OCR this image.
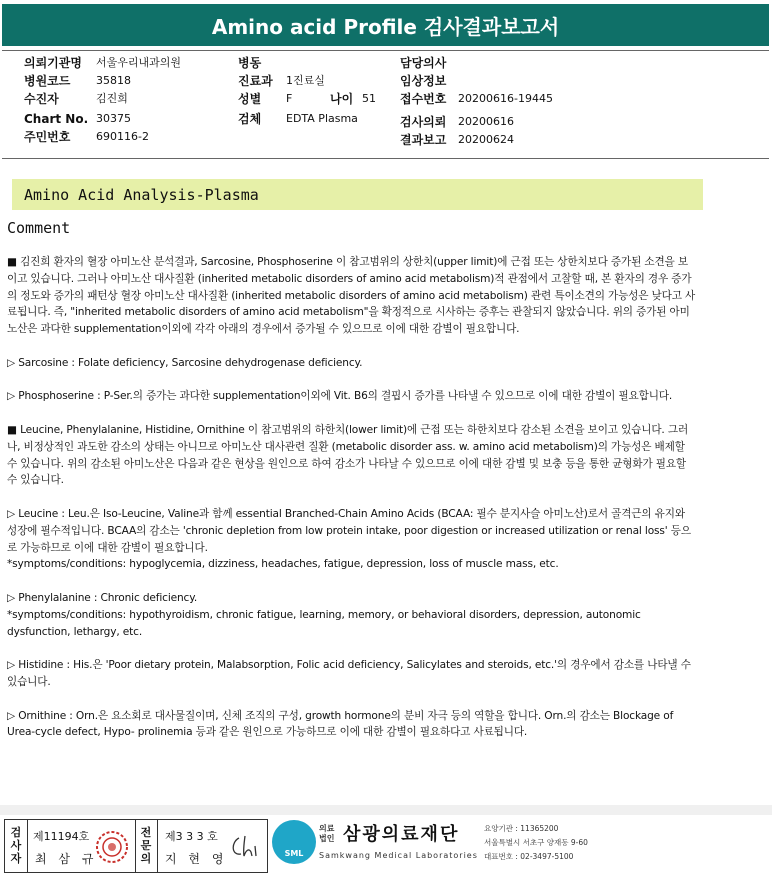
Amino acid Profile 검사결과보고서
의뢰기관명 서울우리내과의원
병원코드 35818
수진자	김진희
Chart No. 30375
주민번호 690116-2
병동
진료과 1진료실
성별 F	나이 51
검체 EDTA Plasma
담당의사
임상정보
접수번호 20200616-19445
검사의뢰 20200616
결과보고 20200624
Amino Acid Analysis-Plasma
Comment

■ 김진희 환자의 혈장 아미노산 분석결과, Sarcosine, Phosphoserine 이 참고범위의 상한치(upper limit)에 근접 또는 상한치보다 증가된 소견을 보이고 있습니다. 그러나 아미노산 대사질환 (inherited metabolic disorders of amino acid metabolism)적 관점에서 고찰할 때, 본 환자의 경우 증가의 정도와 증가의 패턴상 혈장 아미노산 대사질환 (inherited metabolic disorders of amino acid metabolism) 관련 특이소견의 가능성은 낮다고 사료됩니다. 즉, "inherited metabolic disorders of amino acid metabolism"을 확정적으로 시사하는 증후는 관찰되지 않았습니다. 위의 증가된 아미노산은 과다한 supplementation이외에 각각 아래의 경우에서 증가될 수 있으므로 이에 대한 감별이 필요합니다.

▷ Sarcosine : Folate deficiency, Sarcosine dehydrogenase deficiency.

▷ Phosphoserine : P-Ser.의 증가는 과다한 supplementation이외에 Vit. B6의 결핍시 증가를 나타낼 수 있으므로 이에 대한 감별이 필요합니다.

■ Leucine, Phenylalanine, Histidine, Ornithine 이 참고범위의 하한치(lower limit)에 근접 또는 하한치보다 감소된 소견을 보이고 있습니다. 그러나, 비정상적인 과도한 감소의 상태는 아니므로 아미노산 대사관련 질환 (metabolic disorder ass. w. amino acid metabolism)의 가능성은 배제할 수 있습니다. 위의 감소된 아미노산은 다음과 같은 현상을 원인으로 하여 감소가 나타날 수 있으므로 이에 대한 감별 및 보충 등을 통한 균형화가 필요할 수 있습니다.

▷ Leucine : Leu.은 Iso-Leucine, Valine과 함께 essential Branched-Chain Amino Acids (BCAA: 필수 분지사슬 아미노산)로서 골격근의 유지와 성장에 필수적입니다. BCAA의 감소는 'chronic depletion from low protein intake, poor digestion or increased utilization or renal loss' 등으로 가능하므로 이에 대한 감별이 필요합니다.

*symptoms/conditions: hypoglycemia, dizziness, headaches, fatigue, depression, loss of muscle mass, etc.

▷ Phenylalanine : Chronic deficiency.

*symptoms/conditions: hypothyroidism, chronic fatigue, learning, memory, or behavioral disorders, depression, autonomic dysfunction, lethargy, etc.

▷ Histidine : His.은 'Poor dietary protein, Malabsorption, Folic acid deficiency, Salicylates and steroids, etc.'의 경우에서 감소를 나타낼 수 있습니다.

▷ Ornithine : Orn.은 요소회로 대사물질이며, 신체 조직의 구성, growth hormone의 분비 자극 등의 역할을 합니다. Orn.의 감소는 Blockage of Urea-cycle defect, Hypo- prolinemia 등과 같은 원인으로 가능하므로 이에 대한 감별이 필요하다고 사료됩니다.

검
사
자
제11194호
최 삼 규
전
문
의
제3 3 3 호
지 현 영	SML
의료
법인 삼광의료재단
Samkwang Medical Laboratories
요양기관 : 11365200
서울특별시 서초구 양재동 9-60
대표번호 : 02-3497-5100
